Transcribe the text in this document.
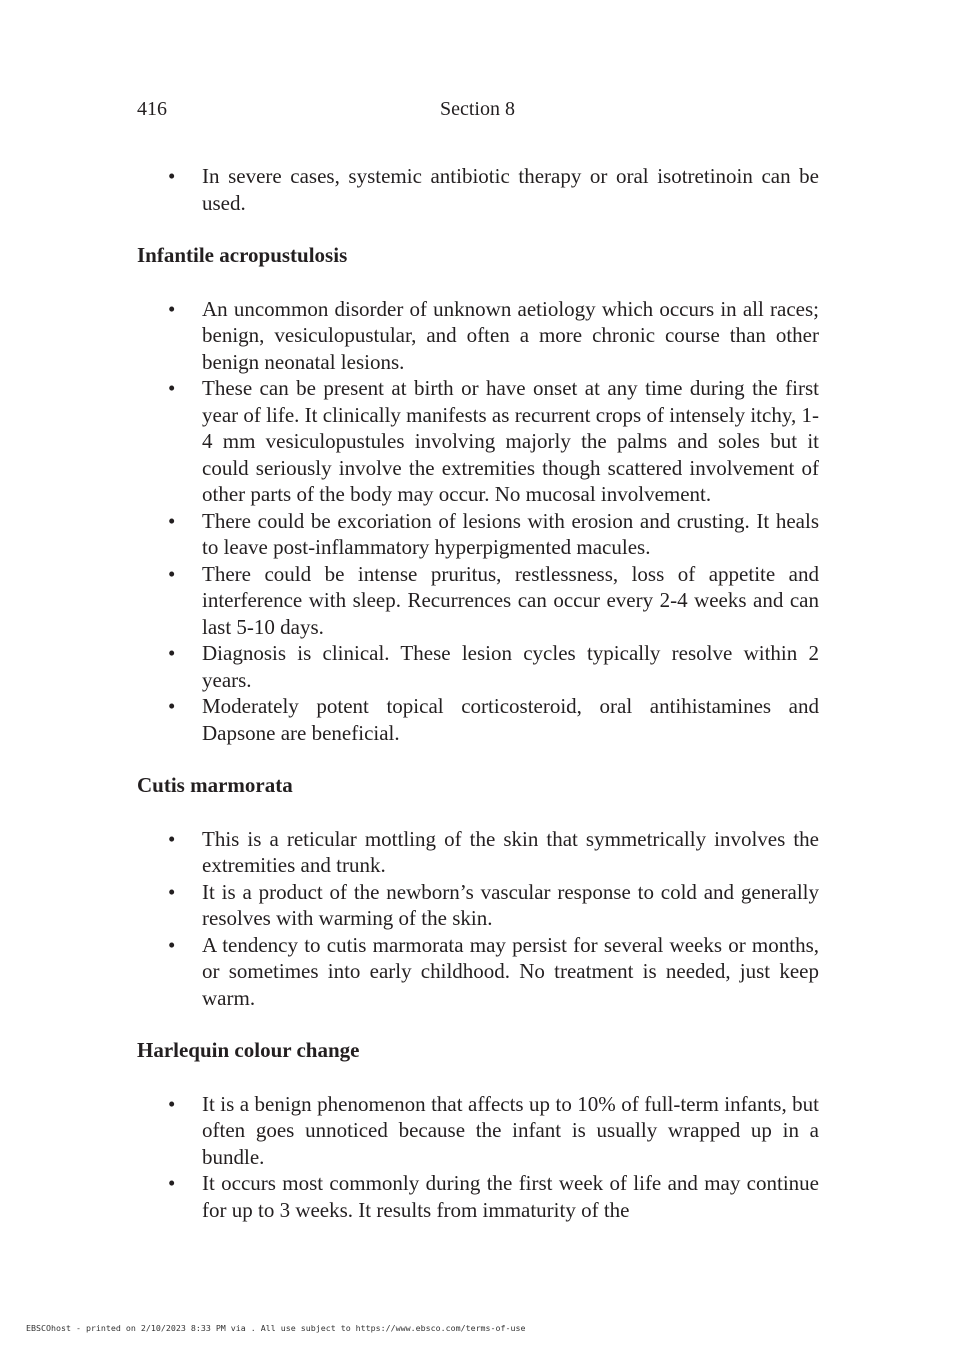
416	Section 8
• In severe cases, systemic antibiotic therapy or oral isotretinoin can be used.
Infantile acropustulosis
• An uncommon disorder of unknown aetiology which occurs in all races; benign, vesiculopustular, and often a more chronic course than other benign neonatal lesions.
• These can be present at birth or have onset at any time during the first year of life. It clinically manifests as recurrent crops of intensely itchy, 1-4 mm vesiculopustules involving majorly the palms and soles but it could seriously involve the extremities though scattered involvement of other parts of the body may occur. No mucosal involvement.
• There could be excoriation of lesions with erosion and crusting. It heals to leave post-inflammatory hyperpigmented macules.
• There could be intense pruritus, restlessness, loss of appetite and interference with sleep. Recurrences can occur every 2-4 weeks and can last 5-10 days.
• Diagnosis is clinical. These lesion cycles typically resolve within 2 years.
• Moderately potent topical corticosteroid, oral antihistamines and Dapsone are beneficial.
Cutis marmorata
• This is a reticular mottling of the skin that symmetrically involves the extremities and trunk.
• It is a product of the newborn’s vascular response to cold and generally resolves with warming of the skin.
• A tendency to cutis marmorata may persist for several weeks or months, or sometimes into early childhood. No treatment is needed, just keep warm.
Harlequin colour change
• It is a benign phenomenon that affects up to 10% of full-term infants, but often goes unnoticed because the infant is usually wrapped up in a bundle.
• It occurs most commonly during the first week of life and may continue for up to 3 weeks. It results from immaturity of the
EBSCOhost - printed on 2/10/2023 8:33 PM via . All use subject to https://www.ebsco.com/terms-of-use
